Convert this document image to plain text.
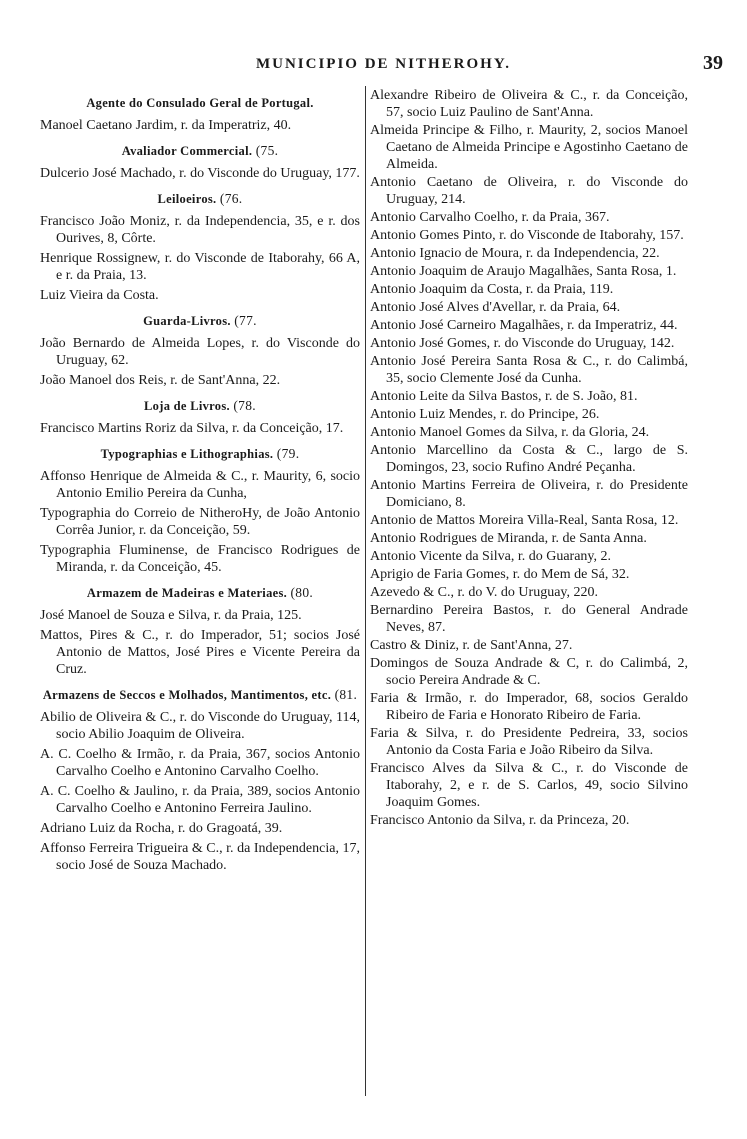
MUNICIPIO DE NITHEROHY.	39
Agente do Consulado Geral de Portugal.

Manoel Caetano Jardim, r. da Imperatriz, 40.

Avaliador Commercial. (75.

Dulcerio José Machado, r. do Visconde do Uruguay, 177.

Leiloeiros. (76.

Francisco João Moniz, r. da Independencia, 35, e r. dos Ourives, 8, Côrte.

Henrique Rossignew, r. do Visconde de Itaborahy, 66 A, e r. da Praia, 13.

Luiz Vieira da Costa.

Guarda-Livros. (77.

João Bernardo de Almeida Lopes, r. do Visconde do Uruguay, 62.

João Manoel dos Reis, r. de Sant'Anna, 22.

Loja de Livros. (78.

Francisco Martins Roriz da Silva, r. da Conceição, 17.

Typographias e Lithographias. (79.

Affonso Henrique de Almeida & C., r. Maurity, 6, socio Antonio Emilio Pereira da Cunha,

Typographia do Correio de NitheroHy, de João Antonio Corrêa Junior, r. da Conceição, 59.

Typographia Fluminense, de Francisco Rodrigues de Miranda, r. da Conceição, 45.

Armazem de Madeiras e Materiaes. (80.

José Manoel de Souza e Silva, r. da Praia, 125.

Mattos, Pires & C., r. do Imperador, 51; socios José Antonio de Mattos, José Pires e Vicente Pereira da Cruz.

Armazens de Seccos e Molhados, Mantimentos, etc. (81.

Abilio de Oliveira & C., r. do Visconde do Uruguay, 114, socio Abilio Joaquim de Oliveira.

A. C. Coelho & Irmão, r. da Praia, 367, socios Antonio Carvalho Coelho e Antonino Carvalho Coelho.

A. C. Coelho & Jaulino, r. da Praia, 389, socios Antonio Carvalho Coelho e Antonino Ferreira Jaulino.

Adriano Luiz da Rocha, r. do Gragoatá, 39.

Affonso Ferreira Trigueira & C., r. da Independencia, 17, socio José de Souza Machado.

Alexandre Ribeiro de Oliveira & C., r. da Conceição, 57, socio Luiz Paulino de Sant'Anna.

Almeida Principe & Filho, r. Maurity, 2, socios Manoel Caetano de Almeida Principe e Agostinho Caetano de Almeida.

Antonio Caetano de Oliveira, r. do Visconde do Uruguay, 214.

Antonio Carvalho Coelho, r. da Praia, 367.

Antonio Gomes Pinto, r. do Visconde de Itaborahy, 157.

Antonio Ignacio de Moura, r. da Independencia, 22.

Antonio Joaquim de Araujo Magalhães, Santa Rosa, 1.

Antonio Joaquim da Costa, r. da Praia, 119.

Antonio José Alves d'Avellar, r. da Praia, 64.

Antonio José Carneiro Magalhães, r. da Imperatriz, 44.

Antonio José Gomes, r. do Visconde do Uruguay, 142.

Antonio José Pereira Santa Rosa & C., r. do Calimbá, 35, socio Clemente José da Cunha.

Antonio Leite da Silva Bastos, r. de S. João, 81.

Antonio Luiz Mendes, r. do Principe, 26.

Antonio Manoel Gomes da Silva, r. da Gloria, 24.

Antonio Marcellino da Costa & C., largo de S. Domingos, 23, socio Rufino André Peçanha.

Antonio Martins Ferreira de Oliveira, r. do Presidente Domiciano, 8.

Antonio de Mattos Moreira Villa-Real, Santa Rosa, 12.

Antonio Rodrigues de Miranda, r. de Santa Anna.

Antonio Vicente da Silva, r. do Guarany, 2.

Aprigio de Faria Gomes, r. do Mem de Sá, 32.

Azevedo & C., r. do V. do Uruguay, 220.

Bernardino Pereira Bastos, r. do General Andrade Neves, 87.

Castro & Diniz, r. de Sant'Anna, 27.

Domingos de Souza Andrade & C, r. do Calimbá, 2, socio Pereira Andrade & C.

Faria & Irmão, r. do Imperador, 68, socios Geraldo Ribeiro de Faria e Honorato Ribeiro de Faria.

Faria & Silva, r. do Presidente Pedreira, 33, socios Antonio da Costa Faria e João Ribeiro da Silva.

Francisco Alves da Silva & C., r. do Visconde de Itaborahy, 2, e r. de S. Carlos, 49, socio Silvino Joaquim Gomes.

Francisco Antonio da Silva, r. da Princeza, 20.
